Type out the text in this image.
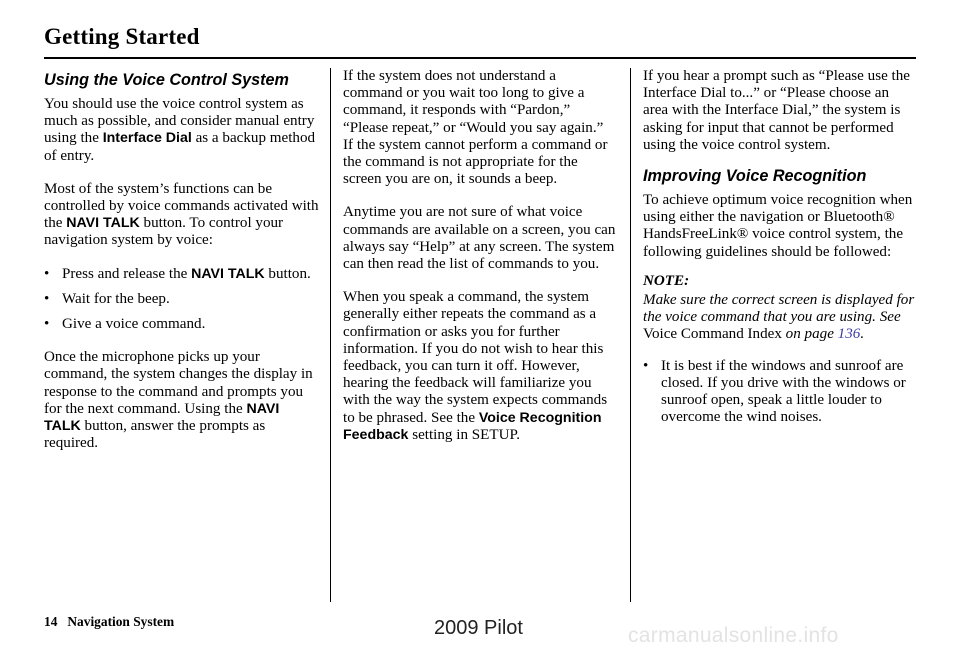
Getting Started
Using the Voice Control System

You should use the voice control system as much as possible, and consider manual entry using the Interface Dial as a backup method of entry.

Most of the system’s functions can be controlled by voice commands activated with the NAVI TALK button. To control your navigation system by voice:

• Press and release the NAVI TALK button.
• Wait for the beep.
• Give a voice command.

Once the microphone picks up your command, the system changes the display in response to the command and prompts you for the next command. Using the NAVI TALK button, answer the prompts as required.

If the system does not understand a command or you wait too long to give a command, it responds with “Pardon,” “Please repeat,” or “Would you say again.” If the system cannot perform a command or the command is not appropriate for the screen you are on, it sounds a beep.

Anytime you are not sure of what voice commands are available on a screen, you can always say “Help” at any screen. The system can then read the list of commands to you.

When you speak a command, the system generally either repeats the command as a confirmation or asks you for further information. If you do not wish to hear this feedback, you can turn it off. However, hearing the feedback will familiarize you with the way the system expects commands to be phrased. See the Voice Recognition Feedback setting in SETUP.

If you hear a prompt such as “Please use the Interface Dial to...” or “Please choose an area with the Interface Dial,” the system is asking for input that cannot be performed using the voice control system.

Improving Voice Recognition

To achieve optimum voice recognition when using either the navigation or Bluetooth® HandsFreeLink® voice control system, the following guidelines should be followed:

NOTE:
Make sure the correct screen is displayed for the voice command that you are using. See Voice Command Index on page 136.
• It is best if the windows and sunroof are closed. If you drive with the windows or sunroof open, speak a little louder to overcome the wind noises.
14 Navigation System	2009 Pilot	carmanualsonline.info
